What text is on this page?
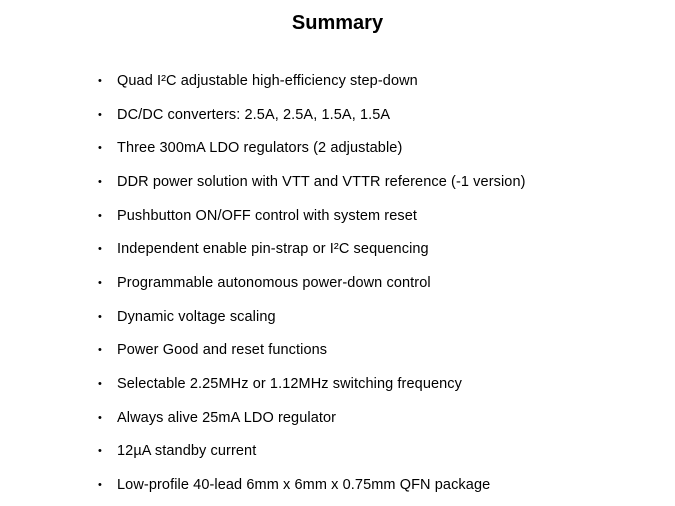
Summary
•	Quad I²C adjustable high-efficiency step-down
•	DC/DC converters: 2.5A, 2.5A, 1.5A, 1.5A
•	Three 300mA LDO regulators (2 adjustable)
•	DDR power solution with VTT and VTTR reference (-1 version)
•	Pushbutton ON/OFF control with system reset
•	Independent enable pin-strap or I²C sequencing
•	Programmable autonomous power-down control
•	Dynamic voltage scaling
•	Power Good and reset functions
•	Selectable 2.25MHz or 1.12MHz switching frequency
•	Always alive 25mA LDO regulator
•	12µA standby current
•	Low-profile 40-lead 6mm x 6mm x 0.75mm QFN package
